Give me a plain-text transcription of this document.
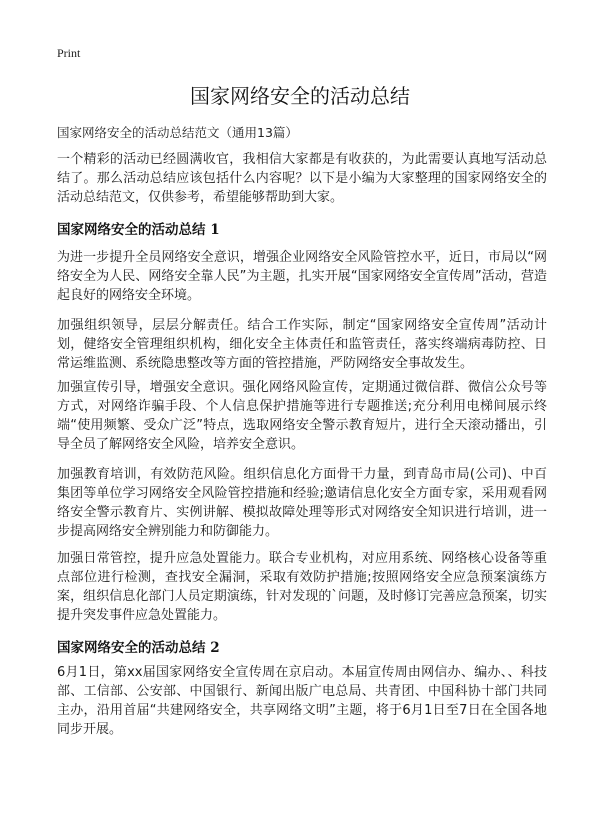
Print
国家网络安全的活动总结
国家网络安全的活动总结范文（通用13篇）
一个精彩的活动已经圆满收官，我相信大家都是有收获的，为此需要认真地写活动总结了。那么活动总结应该包括什么内容呢？以下是小编为大家整理的国家网络安全的活动总结范文，仅供参考，希望能够帮助到大家。
国家网络安全的活动总结 1
为进一步提升全员网络安全意识，增强企业网络安全风险管控水平，近日，市局以“网络安全为人民、网络安全靠人民”为主题，扎实开展“国家网络安全宣传周”活动，营造起良好的网络安全环境。
加强组织领导，层层分解责任。结合工作实际，制定“国家网络安全宣传周”活动计划，健络安全管理组织机构，细化安全主体责任和监管责任，落实终端病毒防控、日常运维监测、系统隐患整改等方面的管控措施，严防网络安全事故发生。
加强宣传引导，增强安全意识。强化网络风险宣传，定期通过微信群、微信公众号等方式，对网络诈骗手段、个人信息保护措施等进行专题推送;充分利用电梯间展示终端“使用频繁、受众广泛”特点，选取网络安全警示教育短片，进行全天滚动播出，引导全员了解网络安全风险，培养安全意识。
加强教育培训，有效防范风险。组织信息化方面骨干力量，到青岛市局(公司)、中百集团等单位学习网络安全风险管控措施和经验;邀请信息化安全方面专家，采用观看网络安全警示教育片、实例讲解、模拟故障处理等形式对网络安全知识进行培训，进一步提高网络安全辨别能力和防御能力。
加强日常管控，提升应急处置能力。联合专业机构，对应用系统、网络核心设备等重点部位进行检测，查找安全漏洞，采取有效防护措施;按照网络安全应急预案演练方案，组织信息化部门人员定期演练，针对发现的`问题，及时修订完善应急预案，切实提升突发事件应急处置能力。
国家网络安全的活动总结 2
6月1日，第xx届国家网络安全宣传周在京启动。本届宣传周由网信办、编办、、科技部、工信部、公安部、中国银行、新闻出版广电总局、共青团、中国科协十部门共同主办，沿用首届“共建网络安全，共享网络文明”主题，将于6月1日至7日在全国各地同步开展。
